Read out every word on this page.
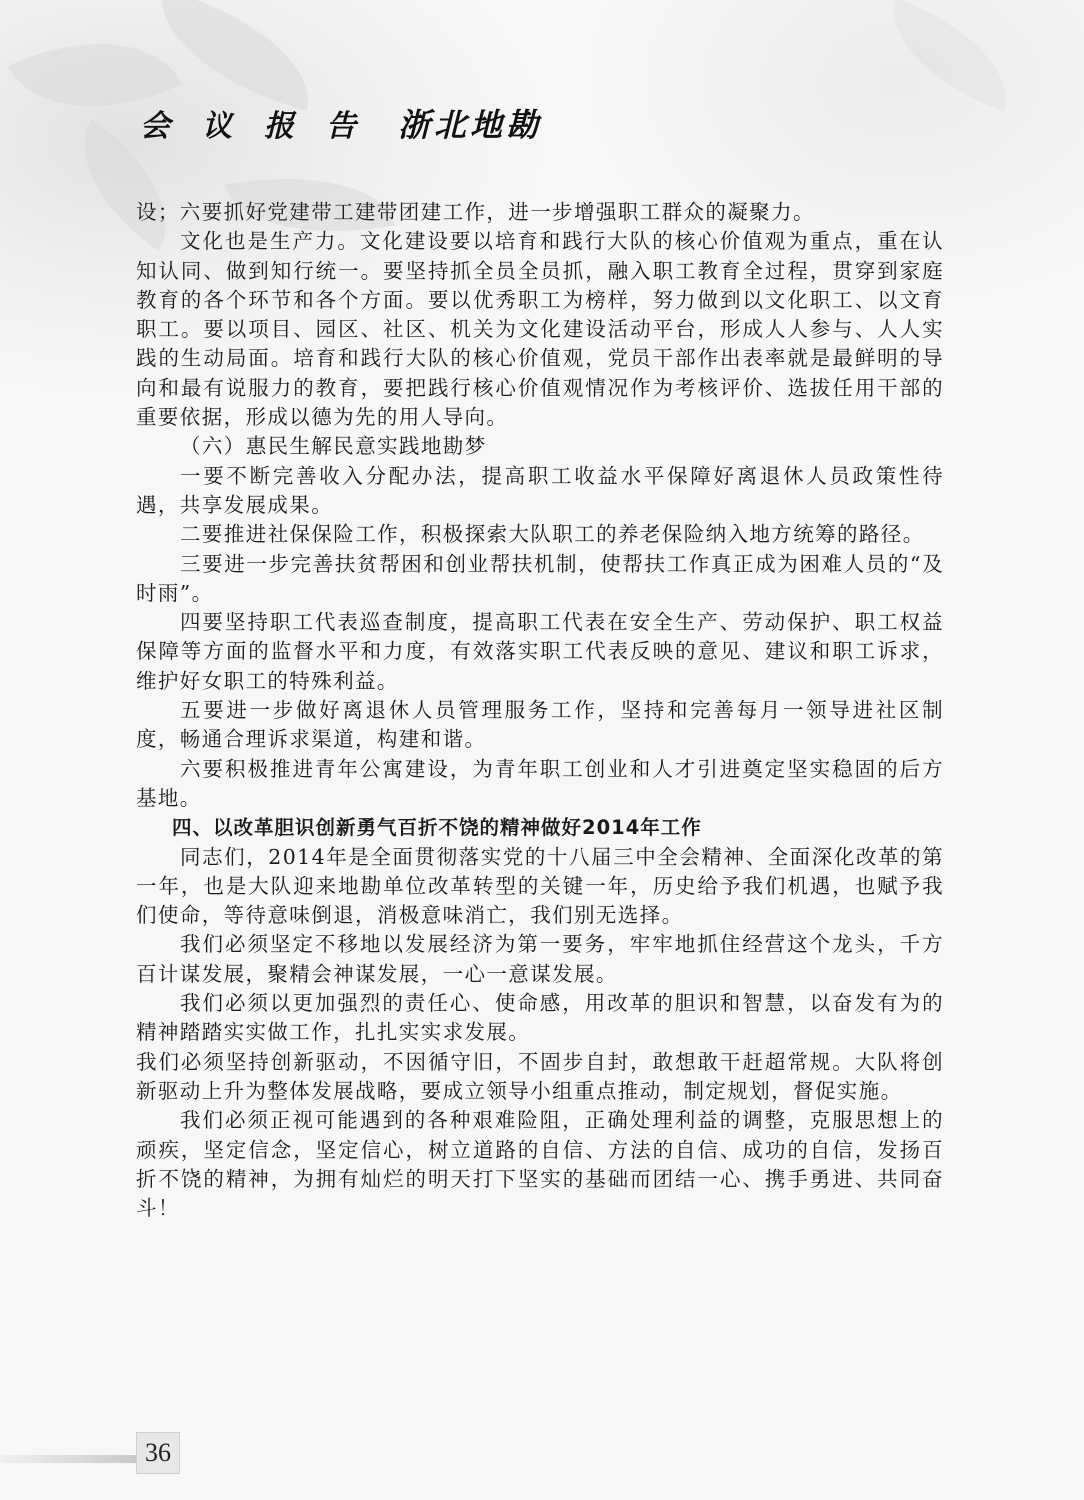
会议报告 浙北地勘

设；六要抓好党建带工建带团建工作，进一步增强职工群众的凝聚力。

文化也是生产力。文化建设要以培育和践行大队的核心价值观为重点，重在认知认同、做到知行统一。要坚持抓全员全员抓，融入职工教育全过程，贯穿到家庭教育的各个环节和各个方面。要以优秀职工为榜样，努力做到以文化职工、以文育职工。要以项目、园区、社区、机关为文化建设活动平台，形成人人参与、人人实践的生动局面。培育和践行大队的核心价值观，党员干部作出表率就是最鲜明的导向和最有说服力的教育，要把践行核心价值观情况作为考核评价、选拔任用干部的重要依据，形成以德为先的用人导向。

（六）惠民生解民意实践地勘梦

一要不断完善收入分配办法，提高职工收益水平保障好离退休人员政策性待遇，共享发展成果。

二要推进社保保险工作，积极探索大队职工的养老保险纳入地方统筹的路径。

三要进一步完善扶贫帮困和创业帮扶机制，使帮扶工作真正成为困难人员的“及时雨”。

四要坚持职工代表巡查制度，提高职工代表在安全生产、劳动保护、职工权益保障等方面的监督水平和力度，有效落实职工代表反映的意见、建议和职工诉求，维护好女职工的特殊利益。

五要进一步做好离退休人员管理服务工作，坚持和完善每月一领导进社区制度，畅通合理诉求渠道，构建和谐。

六要积极推进青年公寓建设，为青年职工创业和人才引进奠定坚实稳固的后方基地。

四、以改革胆识创新勇气百折不饶的精神做好2014年工作

同志们，2014年是全面贯彻落实党的十八届三中全会精神、全面深化改革的第一年，也是大队迎来地勘单位改革转型的关键一年，历史给予我们机遇，也赋予我们使命，等待意味倒退，消极意味消亡，我们别无选择。

我们必须坚定不移地以发展经济为第一要务，牢牢地抓住经营这个龙头，千方百计谋发展，聚精会神谋发展，一心一意谋发展。

我们必须以更加强烈的责任心、使命感，用改革的胆识和智慧，以奋发有为的精神踏踏实实做工作，扎扎实实求发展。

我们必须坚持创新驱动，不因循守旧，不固步自封，敢想敢干赶超常规。大队将创新驱动上升为整体发展战略，要成立领导小组重点推动，制定规划，督促实施。

我们必须正视可能遇到的各种艰难险阻，正确处理利益的调整，克服思想上的顽疾，坚定信念，坚定信心，树立道路的自信、方法的自信、成功的自信，发扬百折不饶的精神，为拥有灿烂的明天打下坚实的基础而团结一心、携手勇进、共同奋斗！

36
